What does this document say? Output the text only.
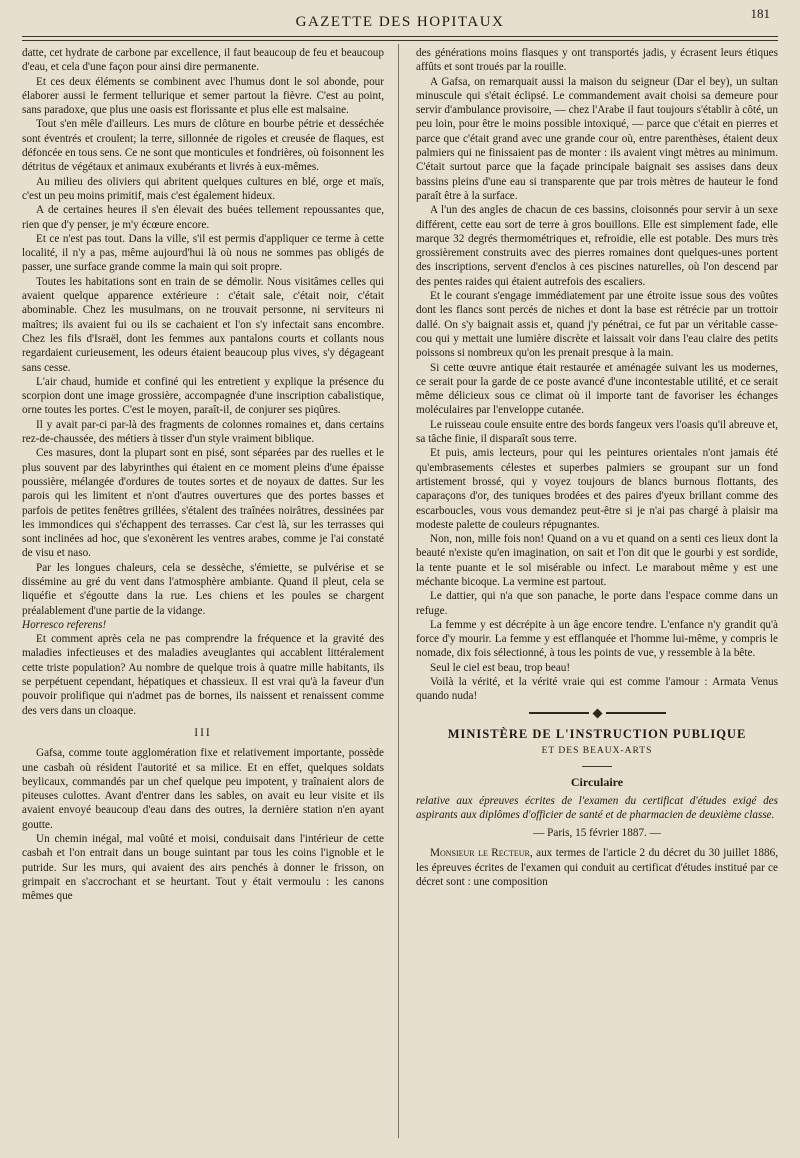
GAZETTE DES HOPITAUX
181

datte, cet hydrate de carbone par excellence, il faut beaucoup de feu et beaucoup d'eau, et cela d'une façon pour ainsi dire permanente.

Et ces deux éléments se combinent avec l'humus dont le sol abonde, pour élaborer aussi le ferment tellurique et semer partout la fièvre. C'est au point, sans paradoxe, que plus une oasis est florissante et plus elle est malsaine.

Tout s'en mêle d'ailleurs. Les murs de clôture en bourbe pétrie et desséchée sont éventrés et croulent; la terre, sillonnée de rigoles et creusée de flaques, est défoncée en tous sens. Ce ne sont que monticules et fondrières, où foisonnent les détritus de végétaux et animaux exubérants et livrés à eux-mêmes.

Au milieu des oliviers qui abritent quelques cultures en blé, orge et maïs, c'est un peu moins primitif, mais c'est également hideux.

A de certaines heures il s'en élevait des buées tellement repoussantes que, rien que d'y penser, je m'y écœure encore.

Et ce n'est pas tout. Dans la ville, s'il est permis d'appliquer ce terme à cette localité, il n'y a pas, même aujourd'hui là où nous ne sommes pas obligés de passer, une surface grande comme la main qui soit propre.

Toutes les habitations sont en train de se démolir. Nous visitâmes celles qui avaient quelque apparence extérieure : c'était sale, c'était noir, c'était abominable. Chez les musulmans, on ne trouvait personne, ni serviteurs ni maîtres; ils avaient fui ou ils se cachaient et l'on s'y infectait sans encombre. Chez les fils d'Israël, dont les femmes aux pantalons courts et collants nous regardaient curieusement, les odeurs étaient beaucoup plus vives, s'y dégageant sans cesse.

L'air chaud, humide et confiné qui les entretient y explique la présence du scorpion dont une image grossière, accompagnée d'une inscription cabalistique, orne toutes les portes. C'est le moyen, paraît-il, de conjurer ses piqûres.

Il y avait par-ci par-là des fragments de colonnes romaines et, dans certains rez-de-chaussée, des métiers à tisser d'un style vraiment biblique.

Ces masures, dont la plupart sont en pisé, sont séparées par des ruelles et le plus souvent par des labyrinthes qui étaient en ce moment pleins d'une épaisse poussière, mélangée d'ordures de toutes sortes et de noyaux de dattes. Sur les parois qui les limitent et n'ont d'autres ouvertures que des portes basses et parfois de petites fenêtres grillées, s'étalent des traînées noirâtres, dessinées par les immondices qui s'échappent des terrasses. Car c'est là, sur les terrasses qui sont inclinées ad hoc, que s'exonèrent les ventres arabes, comme je l'ai constaté de visu et naso.

Par les longues chaleurs, cela se dessèche, s'émiette, se pulvérise et se dissémine au gré du vent dans l'atmosphère ambiante. Quand il pleut, cela se liquéfie et s'égoutte dans la rue. Les chiens et les poules se chargent préalablement d'une partie de la vidange.

Horresco referens!

Et comment après cela ne pas comprendre la fréquence et la gravité des maladies infectieuses et des maladies aveuglantes qui accablent littéralement cette triste population? Au nombre de quelque trois à quatre mille habitants, ils se perpétuent cependant, hépatiques et chassieux. Il est vrai qu'à la faveur d'un pouvoir prolifique qui n'admet pas de bornes, ils naissent et renaissent comme des vers dans un cloaque.

III

Gafsa, comme toute agglomération fixe et relativement importante, possède une casbah où résident l'autorité et sa milice. Et en effet, quelques soldats beylicaux, commandés par un chef quelque peu impotent, y traînaient alors de piteuses culottes. Avant d'entrer dans les sables, on avait eu leur visite et ils avaient envoyé beaucoup d'eau dans des outres, la dernière station n'en ayant goutte.

Un chemin inégal, mal voûté et moisi, conduisait dans l'intérieur de cette casbah et l'on entrait dans un bouge suintant par tous les coins l'ignoble et le putride. Sur les murs, qui avaient des airs penchés à donner le frisson, on grimpait en s'accrochant et se heurtant. Tout y était vermoulu : les canons mêmes que

des générations moins flasques y ont transportés jadis, y écrasent leurs étiques affûts et sont troués par la rouille.

A Gafsa, on remarquait aussi la maison du seigneur (Dar el bey), un sultan minuscule qui s'était éclipsé. Le commandement avait choisi sa demeure pour servir d'ambulance provisoire, — chez l'Arabe il faut toujours s'établir à côté, un peu loin, pour être le moins possible intoxiqué, — parce que c'était en pierres et parce que c'était grand avec une grande cour où, entre parenthèses, étaient deux palmiers qui ne finissaient pas de monter : ils avaient vingt mètres au minimum. C'était surtout parce que la façade principale baignait ses assises dans deux bassins pleins d'une eau si transparente que par trois mètres de hauteur le fond paraît être à la surface.

A l'un des angles de chacun de ces bassins, cloisonnés pour servir à un sexe différent, cette eau sort de terre à gros bouillons. Elle est simplement fade, elle marque 32 degrés thermométriques et, refroidie, elle est potable. Des murs très grossièrement construits avec des pierres romaines dont quelques-unes portent des inscriptions, servent d'enclos à ces piscines naturelles, où l'on descend par des pentes raides qui étaient autrefois des escaliers.

Et le courant s'engage immédiatement par une étroite issue sous des voûtes dont les flancs sont percés de niches et dont la base est rétrécie par un trottoir dallé. On s'y baignait assis et, quand j'y pénétrai, ce fut par un véritable casse-cou qui y mettait une lumière discrète et laissait voir dans l'eau claire des petits poissons si nombreux qu'on les prenait presque à la main.

Si cette œuvre antique était restaurée et aménagée suivant les us modernes, ce serait pour la garde de ce poste avancé d'une incontestable utilité, et ce serait même délicieux sous ce climat où il importe tant de favoriser les échanges moléculaires par l'enveloppe cutanée.

Le ruisseau coule ensuite entre des bords fangeux vers l'oasis qu'il abreuve et, sa tâche finie, il disparaît sous terre.

Et puis, amis lecteurs, pour qui les peintures orientales n'ont jamais été qu'embrasements célestes et superbes palmiers se groupant sur un fond artistement brossé, qui y voyez toujours de blancs burnous flottants, des caparaçons d'or, des tuniques brodées et des paires d'yeux brillant comme des escarboucles, vous vous demandez peut-être si je n'ai pas chargé à plaisir ma modeste palette de couleurs répugnantes.

Non, non, mille fois non! Quand on a vu et quand on a senti ces lieux dont la beauté n'existe qu'en imagination, on sait et l'on dit que le gourbi y est sordide, la tente puante et le sol misérable ou infect. Le marabout même y est une méchante bicoque. La vermine est partout.

Le dattier, qui n'a que son panache, le porte dans l'espace comme dans un refuge.

La femme y est décrépite à un âge encore tendre. L'enfance n'y grandit qu'à force d'y mourir. La femme y est efflanquée et l'homme lui-même, y compris le nomade, dix fois sélectionné, à tous les points de vue, y ressemble à la bête.

Seul le ciel est beau, trop beau!

Voilà la vérité, et la vérité vraie qui est comme l'amour : Armata Venus quando nuda!

MINISTÈRE DE L'INSTRUCTION PUBLIQUE
ET DES BEAUX-ARTS
Circulaire

relative aux épreuves écrites de l'examen du certificat d'études exigé des aspirants aux diplômes d'officier de santé et de pharmacien de deuxième classe.

— Paris, 15 février 1887. —

Monsieur le Recteur, aux termes de l'article 2 du décret du 30 juillet 1886, les épreuves écrites de l'examen qui conduit au certificat d'études institué par ce décret sont : une composition
